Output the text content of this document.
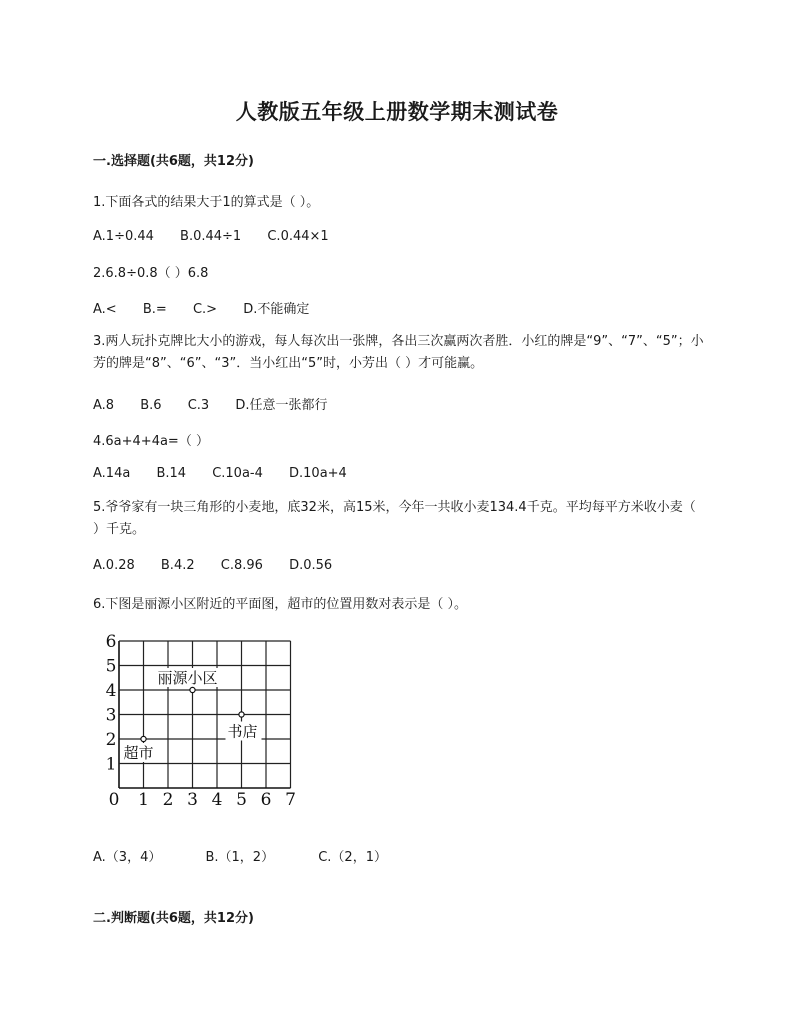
人教版五年级上册数学期末测试卷
一.选择题(共6题，共12分)
1.下面各式的结果大于1的算式是（ ）。
A.1÷0.44 B.0.44÷1 C.0.44×1
2.6.8÷0.8（ ）6.8
A.< B.= C.> D.不能确定
3.两人玩扑克牌比大小的游戏，每人每次出一张牌，各出三次赢两次者胜．小红的牌是“9”、“7”、“5”；小芳的牌是“8”、“6”、“3”．当小红出“5”时，小芳出（ ）才可能赢。
A.8 B.6 C.3 D.任意一张都行
4.6a+4+4a=（ ）
A.14a B.14 C.10a-4 D.10a+4
5.爷爷家有一块三角形的小麦地，底32米，高15米，今年一共收小麦134.4千克。平均每平方米收小麦（ ）千克。
A.0.28 B.4.2 C.8.96 D.0.56
6.下图是丽源小区附近的平面图，超市的位置用数对表示是（ ）。
0 1 2 3 4 5 6 7
1
2
3
4
5
6
丽源小区
书店
超市
A.（3，4）	B.（1，2）	C.（2，1）
二.判断题(共6题，共12分)
